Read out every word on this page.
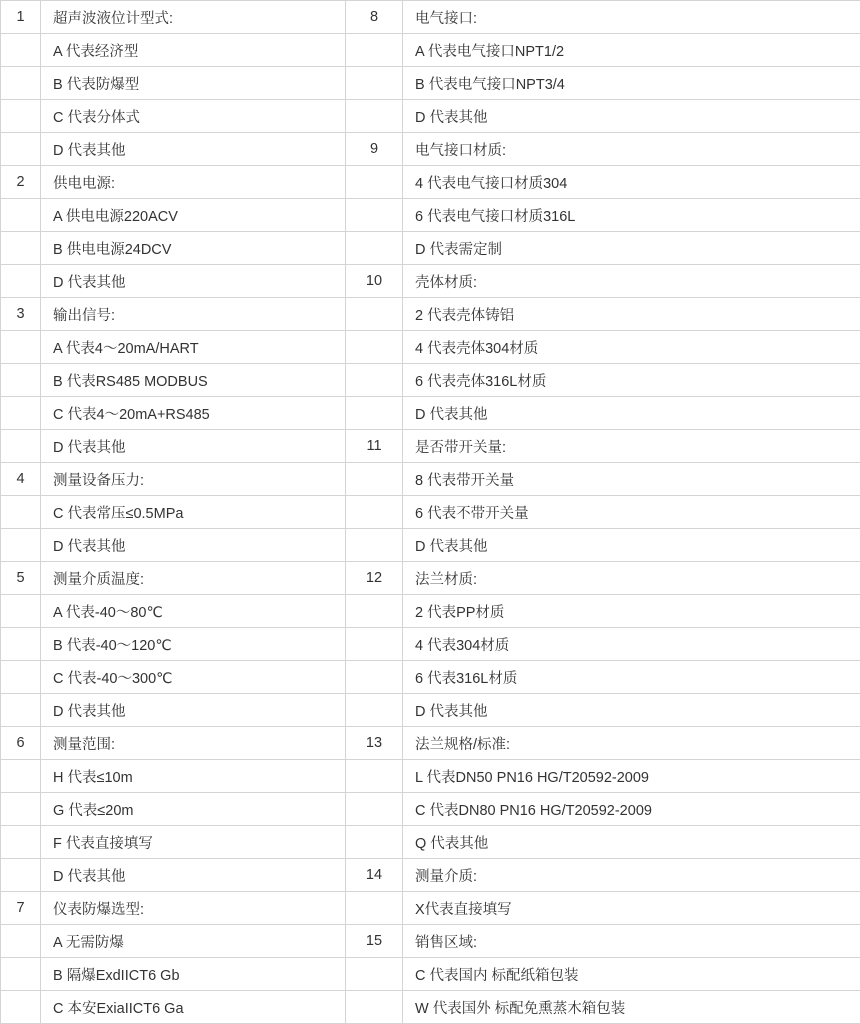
1	超声波液位计型式:	8	电气接口:
	A 代表经济型		A 代表电气接口NPT1/2
	B 代表防爆型		B 代表电气接口NPT3/4
	C 代表分体式		D 代表其他
	D 代表其他	9	电气接口材质:
2	供电电源:		4 代表电气接口材质304
	A 供电电源220ACV		6 代表电气接口材质316L
	B 供电电源24DCV		D 代表需定制
	D 代表其他	10	壳体材质:
3	输出信号:		2 代表壳体铸铝
	A 代表4～20mA/HART		4 代表壳体304材质
	B 代表RS485 MODBUS		6 代表壳体316L材质
	C 代表4～20mA+RS485		D 代表其他
	D 代表其他	11	是否带开关量:
4	测量设备压力:		8 代表带开关量
	C 代表常压≤0.5MPa		6 代表不带开关量
	D 代表其他		D 代表其他
5	测量介质温度:	12	法兰材质:
	A 代表-40～80℃		2 代表PP材质
	B 代表-40～120℃		4 代表304材质
	C 代表-40～300℃		6 代表316L材质
	D 代表其他		D 代表其他
6	测量范围:	13	法兰规格/标准:
	H 代表≤10m		L 代表DN50 PN16 HG/T20592-2009
	G 代表≤20m		C 代表DN80 PN16 HG/T20592-2009
	F 代表直接填写		Q 代表其他
	D 代表其他	14	测量介质:
7	仪表防爆选型:		X代表直接填写
	A 无需防爆	15	销售区域:
	B 隔爆ExdIICT6 Gb		C 代表国内 标配纸箱包装
	C 本安ExiaIICT6 Ga		W 代表国外 标配免熏蒸木箱包装
